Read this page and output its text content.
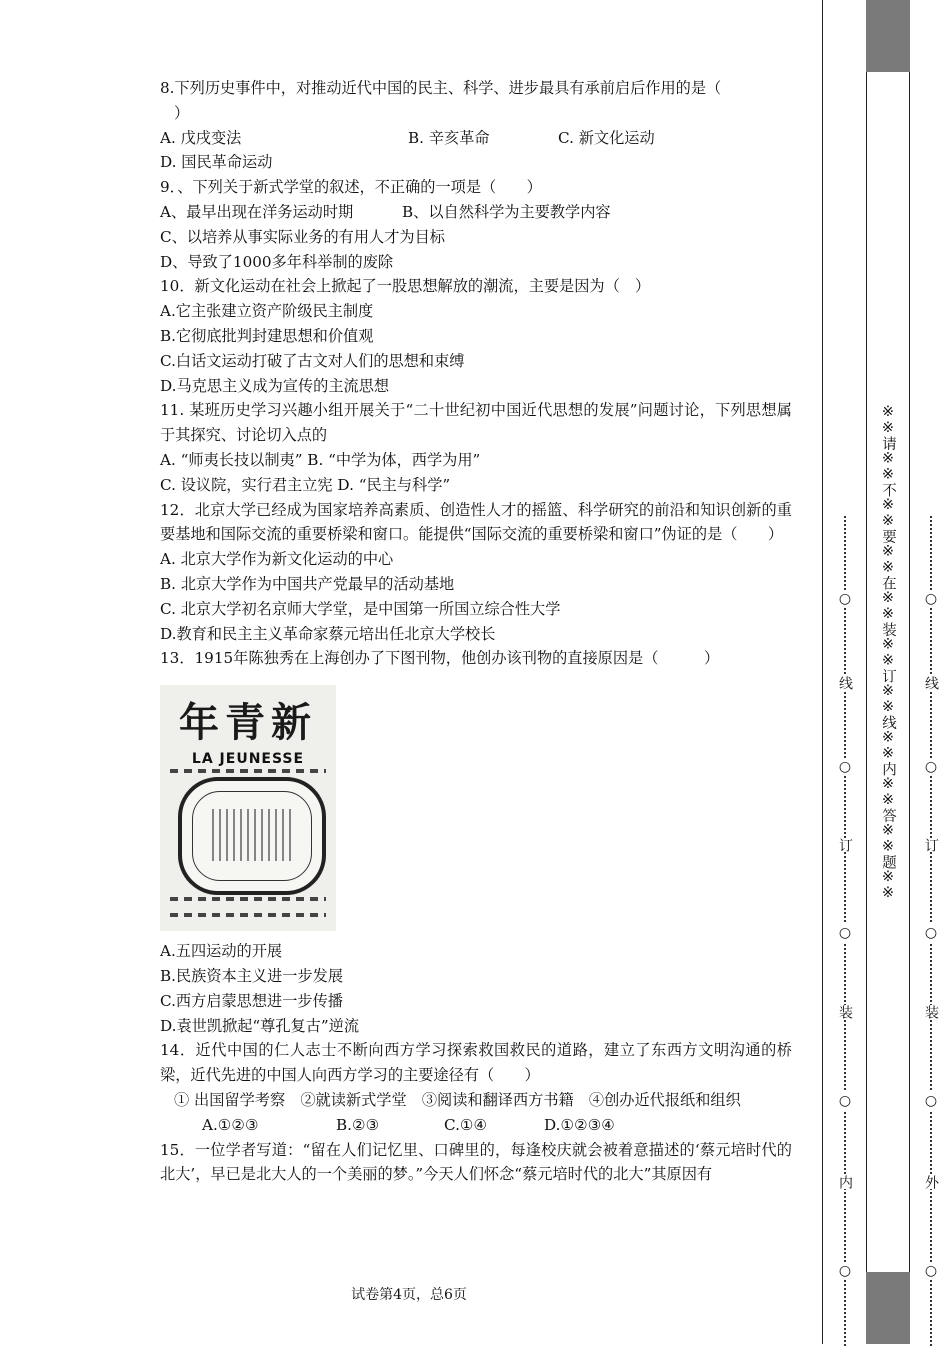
8.下列历史事件中，对推动近代中国的民主、科学、进步最具有承前启后作用的是（
）
A. 戊戌变法	B. 辛亥革命	C. 新文化运动
D. 国民革命运动
9．、下列关于新式学堂的叙述，不正确的一项是（　　）
A、最早出现在洋务运动时期	B、以自然科学为主要教学内容
C、以培养从事实际业务的有用人才为目标
D、导致了1000多年科举制的废除
10．新文化运动在社会上掀起了一股思想解放的潮流，主要是因为（　）
A.它主张建立资产阶级民主制度
B.它彻底批判封建思想和价值观
C.白话文运动打破了古文对人们的思想和束缚
D.马克思主义成为宣传的主流思想
11. 某班历史学习兴趣小组开展关于“二十世纪初中国近代思想的发展”问题讨论，下列思想属于其探究、讨论切入点的
A. “师夷长技以制夷” B. “中学为体，西学为用”
C. 设议院，实行君主立宪 D. “民主与科学”
12．北京大学已经成为国家培养高素质、创造性人才的摇篮、科学研究的前沿和知识创新的重要基地和国际交流的重要桥梁和窗口。能提供“国际交流的重要桥梁和窗口”伪证的是（　　）
A. 北京大学作为新文化运动的中心
B. 北京大学作为中国共产党最早的活动基地
C. 北京大学初名京师大学堂，是中国第一所国立综合性大学
D.教育和民主主义革命家蔡元培出任北京大学校长
13．1915年陈独秀在上海创办了下图刊物，他创办该刊物的直接原因是（　　　）
年青新
LA JEUNESSE
A.五四运动的开展
B.民族资本主义进一步发展
C.西方启蒙思想进一步传播
D.袁世凯掀起“尊孔复古”逆流
14．近代中国的仁人志士不断向西方学习探索救国救民的道路，建立了东西方文明沟通的桥梁，近代先进的中国人向西方学习的主要途径有（　　）
① 出国留学考察　②就读新式学堂　③阅读和翻译西方书籍　④创办近代报纸和组织
A.①②③	B.②③	C.①④	D.①②③④
15．一位学者写道：“留在人们记忆里、口碑里的，每逢校庆就会被着意描述的‘蔡元培时代的北大’，早已是北大人的一个美丽的梦。”今天人们怀念“蔡元培时代的北大”其原因有
试卷第4页，总6页
○
线
○
订
○
装
○
内
○
○
线
○
订
○
装
○
外
○
※※请※※不※※要※※在※※装※※订※※线※※内※※答※※题※※
